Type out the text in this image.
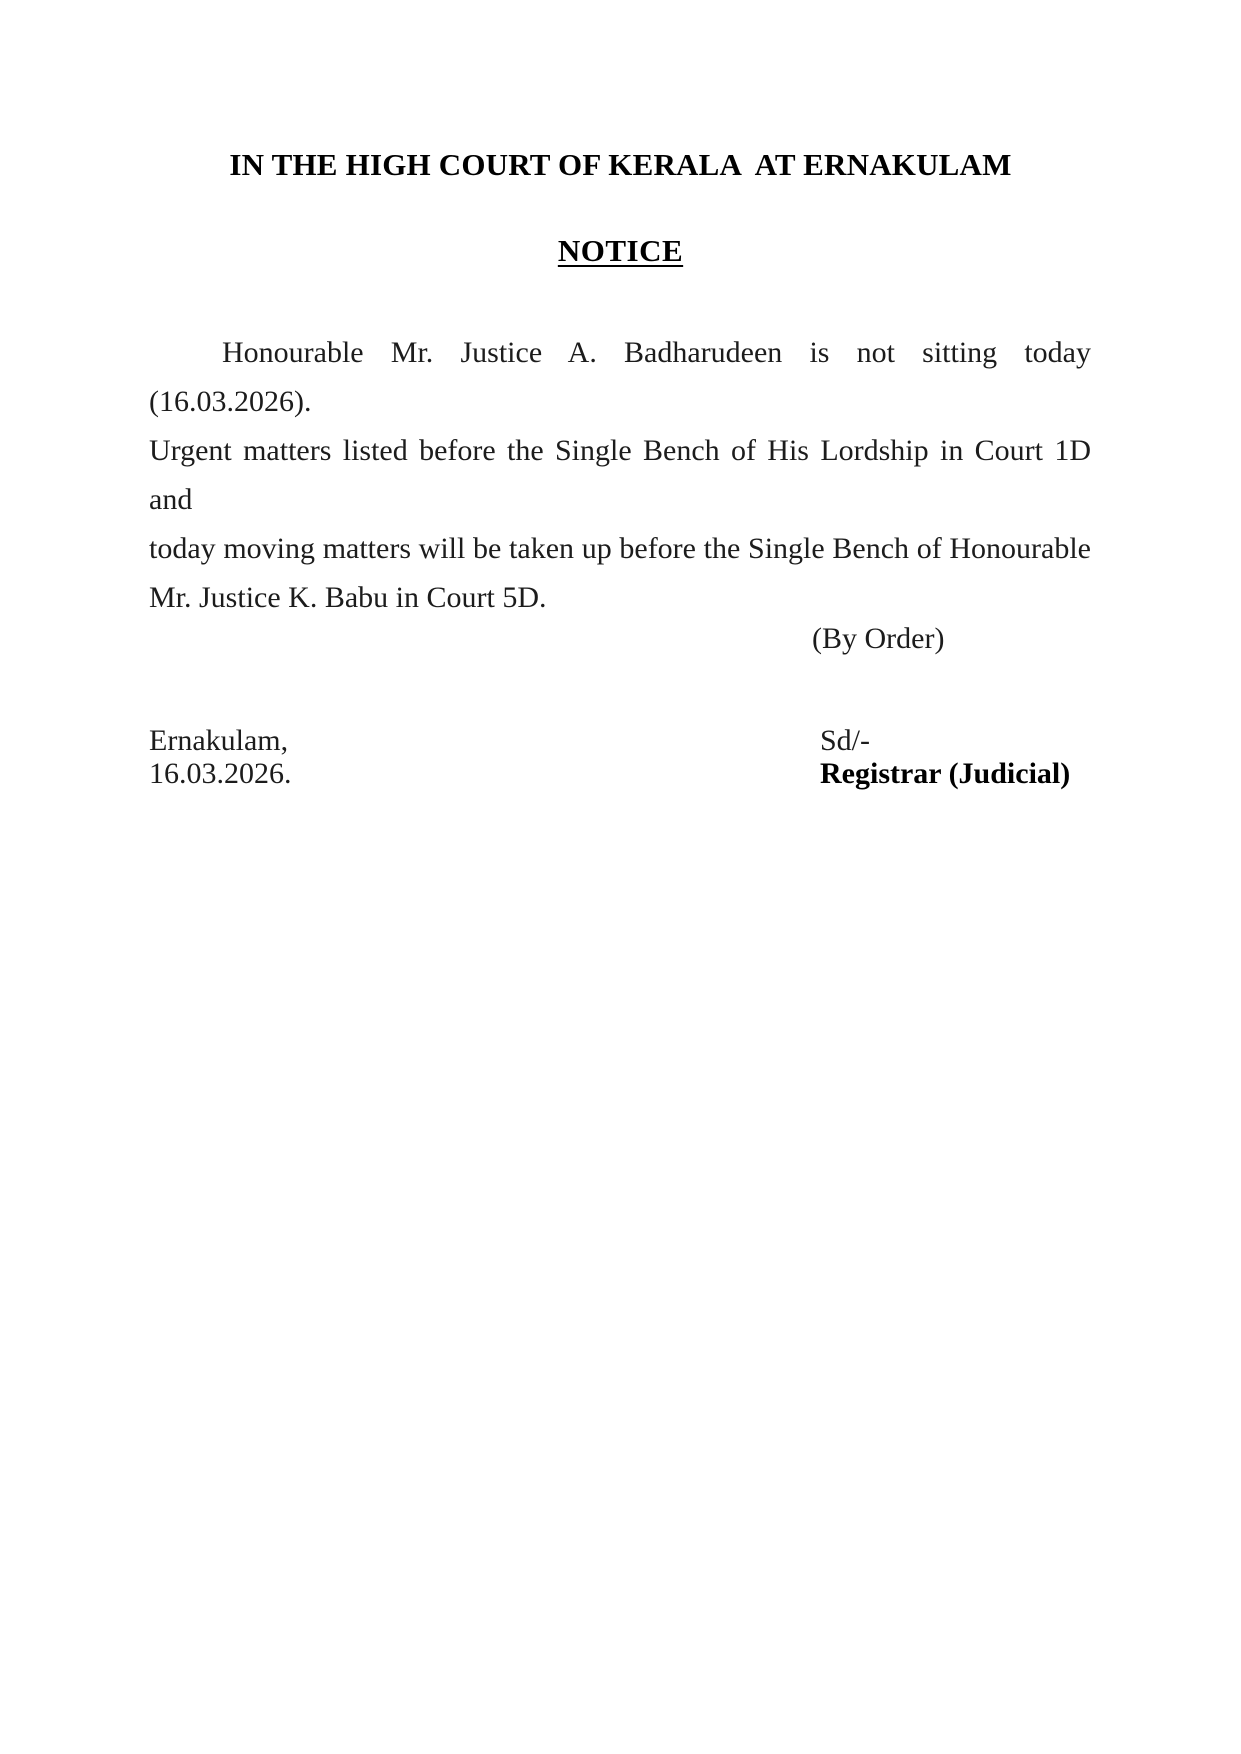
IN THE HIGH COURT OF KERALA  AT ERNAKULAM
NOTICE
Honourable Mr. Justice A. Badharudeen is not sitting today (16.03.2026).
Urgent matters listed before the Single Bench of His Lordship in Court 1D and
today moving matters will be taken up before the Single Bench of Honourable
Mr. Justice K. Babu in Court 5D.
(By Order)
Ernakulam,
16.03.2026.
Sd/-
Registrar (Judicial)
